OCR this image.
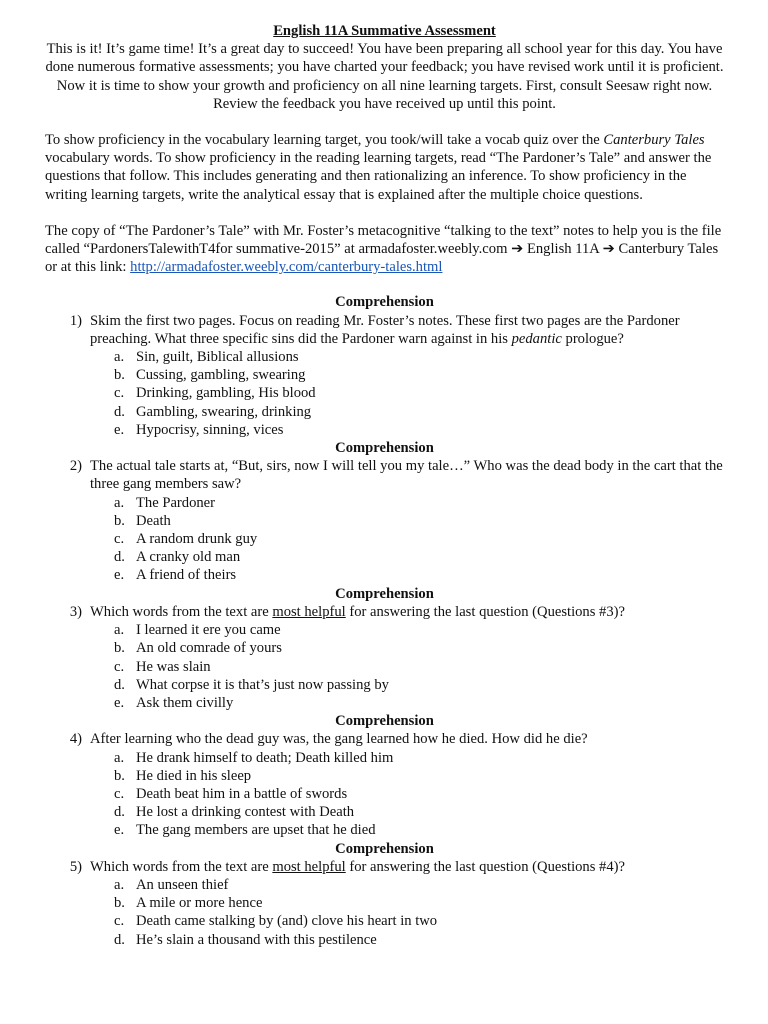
English 11A Summative Assessment

This is it! It’s game time! It’s a great day to succeed! You have been preparing all school year for this day. You have done numerous formative assessments; you have charted your feedback; you have revised work until it is proficient. Now it is time to show your growth and proficiency on all nine learning targets. First, consult Seesaw right now. Review the feedback you have received up until this point.

To show proficiency in the vocabulary learning target, you took/will take a vocab quiz over the Canterbury Tales vocabulary words. To show proficiency in the reading learning targets, read “The Pardoner’s Tale” and answer the questions that follow. This includes generating and then rationalizing an inference. To show proficiency in the writing learning targets, write the analytical essay that is explained after the multiple choice questions.

The copy of “The Pardoner’s Tale” with Mr. Foster’s metacognitive “talking to the text” notes to help you is the file called “PardonersTalewithT4for summative-2015” at armadafoster.weebly.com ➔ English 11A ➔ Canterbury Tales or at this link: http://armadafoster.weebly.com/canterbury-tales.html

Comprehension

1) Skim the first two pages. Focus on reading Mr. Foster’s notes. These first two pages are the Pardoner preaching. What three specific sins did the Pardoner warn against in his pedantic prologue?
a. Sin, guilt, Biblical allusions
b. Cussing, gambling, swearing
c. Drinking, gambling, His blood
d. Gambling, swearing, drinking
e. Hypocrisy, sinning, vices

Comprehension

2) The actual tale starts at, “But, sirs, now I will tell you my tale…” Who was the dead body in the cart that the three gang members saw?
a. The Pardoner
b. Death
c. A random drunk guy
d. A cranky old man
e. A friend of theirs

Comprehension

3) Which words from the text are most helpful for answering the last question (Questions #3)?
a. I learned it ere you came
b. An old comrade of yours
c. He was slain
d. What corpse it is that’s just now passing by
e. Ask them civilly

Comprehension

4) After learning who the dead guy was, the gang learned how he died. How did he die?
a. He drank himself to death; Death killed him
b. He died in his sleep
c. Death beat him in a battle of swords
d. He lost a drinking contest with Death
e. The gang members are upset that he died

Comprehension

5) Which words from the text are most helpful for answering the last question (Questions #4)?
a. An unseen thief
b. A mile or more hence
c. Death came stalking by (and) clove his heart in two
d. He’s slain a thousand with this pestilence
